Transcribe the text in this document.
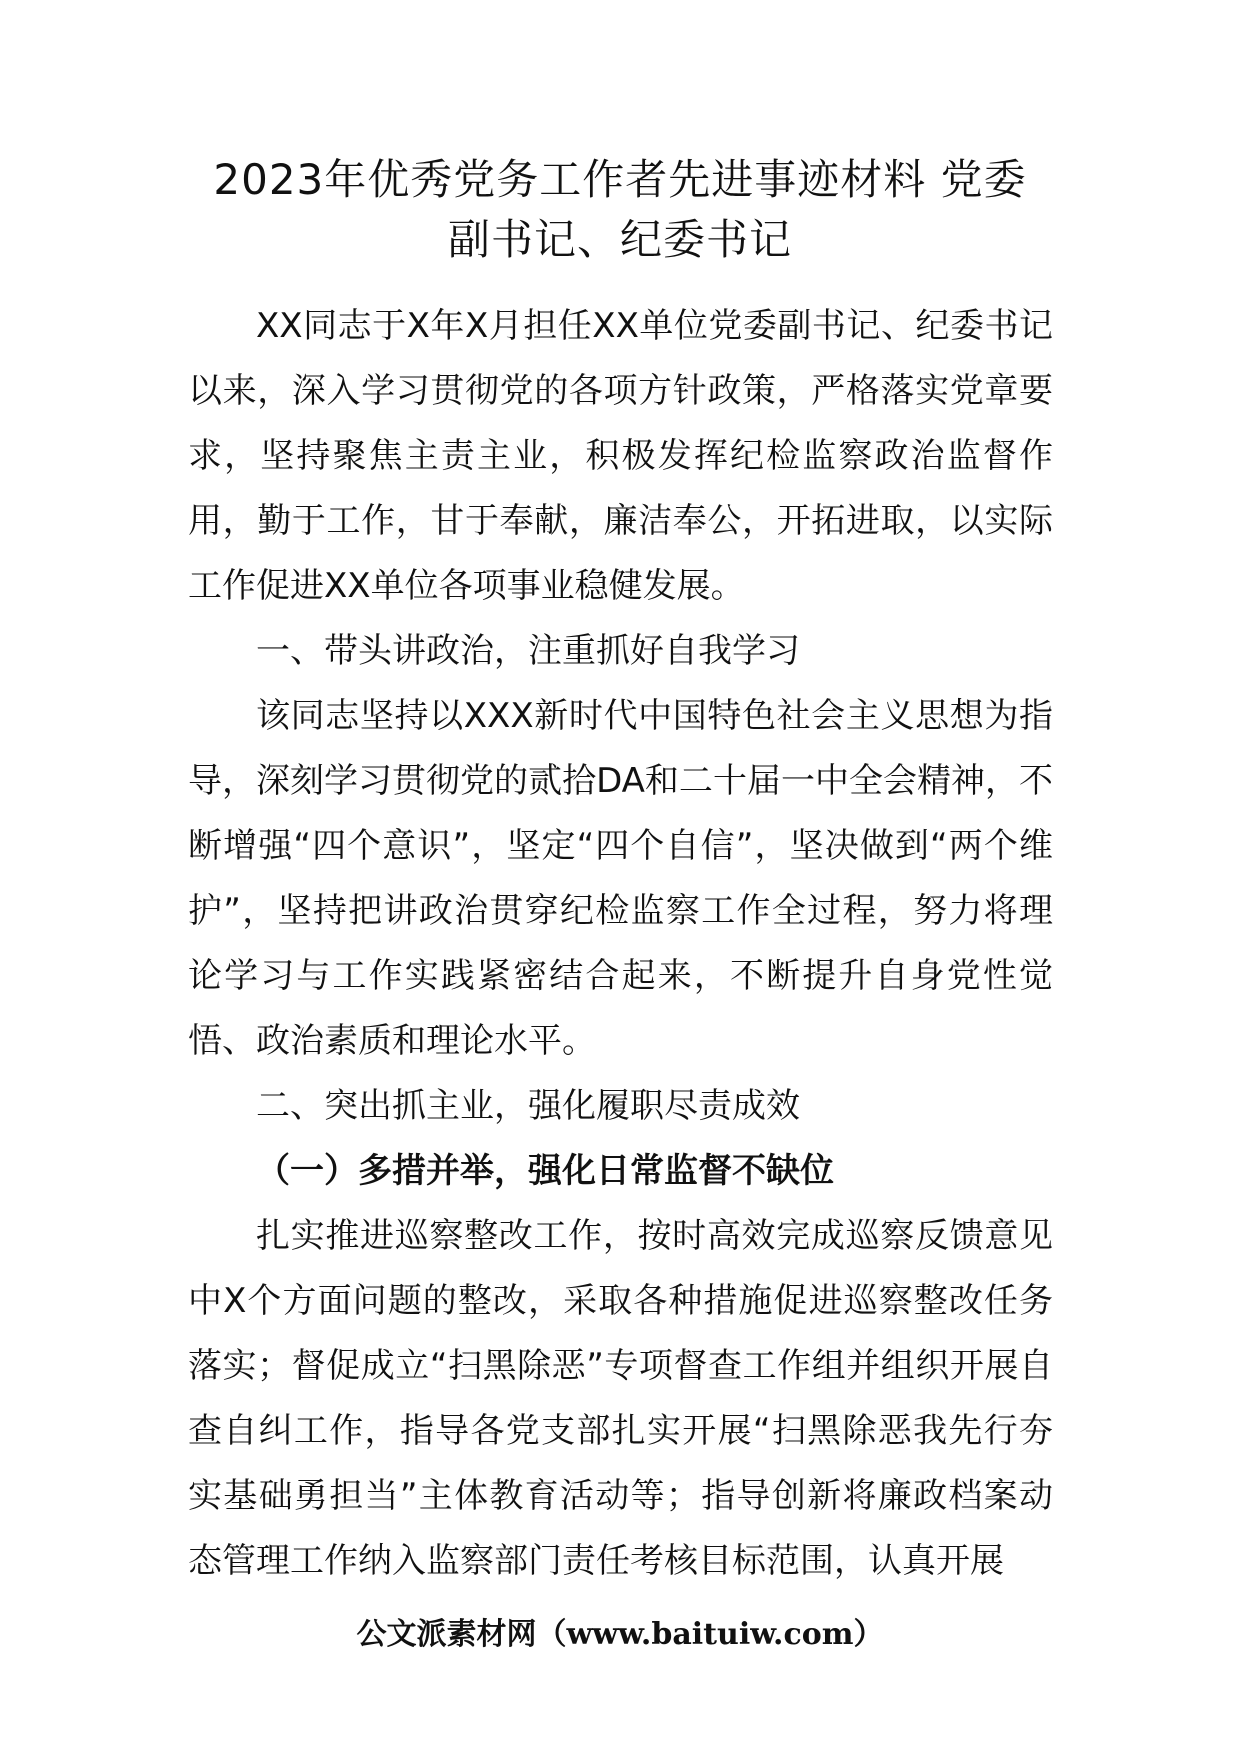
2023年优秀党务工作者先进事迹材料 党委
副书记、纪委书记

XX同志于X年X月担任XX单位党委副书记、纪委书记以来，深入学习贯彻党的各项方针政策，严格落实党章要求，坚持聚焦主责主业，积极发挥纪检监察政治监督作用，勤于工作，甘于奉献，廉洁奉公，开拓进取，以实际工作促进XX单位各项事业稳健发展。

一、带头讲政治，注重抓好自我学习

该同志坚持以XXX新时代中国特色社会主义思想为指导，深刻学习贯彻党的贰拾DA和二十届一中全会精神，不断增强“四个意识”，坚定“四个自信”，坚决做到“两个维护”，坚持把讲政治贯穿纪检监察工作全过程，努力将理论学习与工作实践紧密结合起来，不断提升自身党性觉悟、政治素质和理论水平。

二、突出抓主业，强化履职尽责成效

（一）多措并举，强化日常监督不缺位

扎实推进巡察整改工作，按时高效完成巡察反馈意见中X个方面问题的整改，采取各种措施促进巡察整改任务落实；督促成立“扫黑除恶”专项督查工作组并组织开展自查自纠工作，指导各党支部扎实开展“扫黑除恶我先行夯实基础勇担当”主体教育活动等；指导创新将廉政档案动态管理工作纳入监察部门责任考核目标范围，认真开展

公文派素材网（www.baituiw.com）
